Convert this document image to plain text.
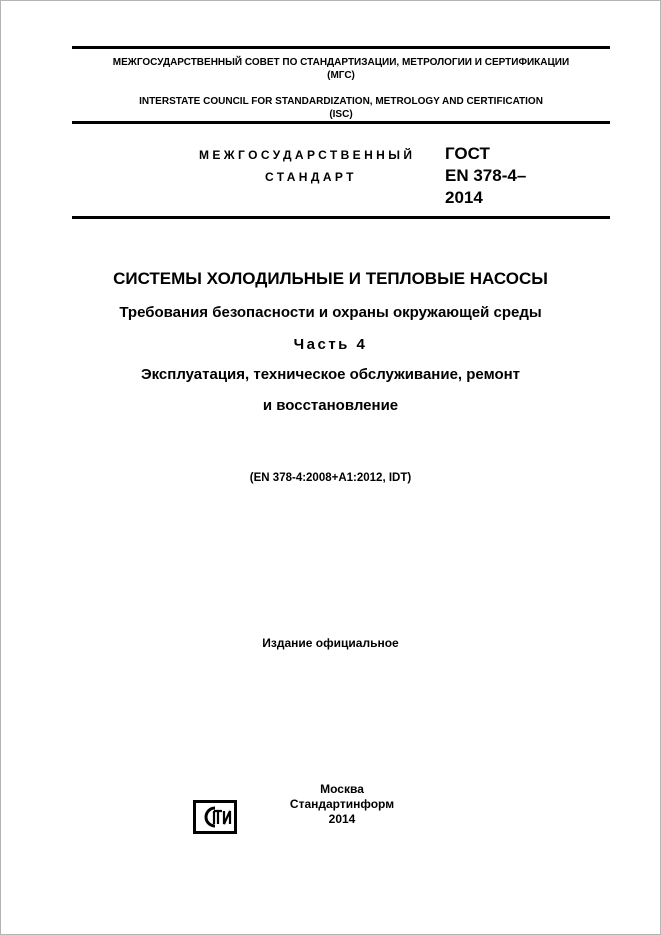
МЕЖГОСУДАРСТВЕННЫЙ СОВЕТ ПО СТАНДАРТИЗАЦИИ, МЕТРОЛОГИИ И СЕРТИФИКАЦИИ
(МГС)
INTERSTATE COUNCIL FOR STANDARDIZATION, METROLOGY AND CERTIFICATION
(ISC)
МЕЖГОСУДАРСТВЕННЫЙ
СТАНДАРТ
ГОСТ
EN 378-4–
2014
СИСТЕМЫ ХОЛОДИЛЬНЫЕ И ТЕПЛОВЫЕ НАСОСЫ
Требования безопасности и охраны окружающей среды
Часть 4
Эксплуатация, техническое обслуживание, ремонт
и восстановление
(EN 378-4:2008+A1:2012, IDT)
Издание официальное
Москва
Стандартинформ
2014
